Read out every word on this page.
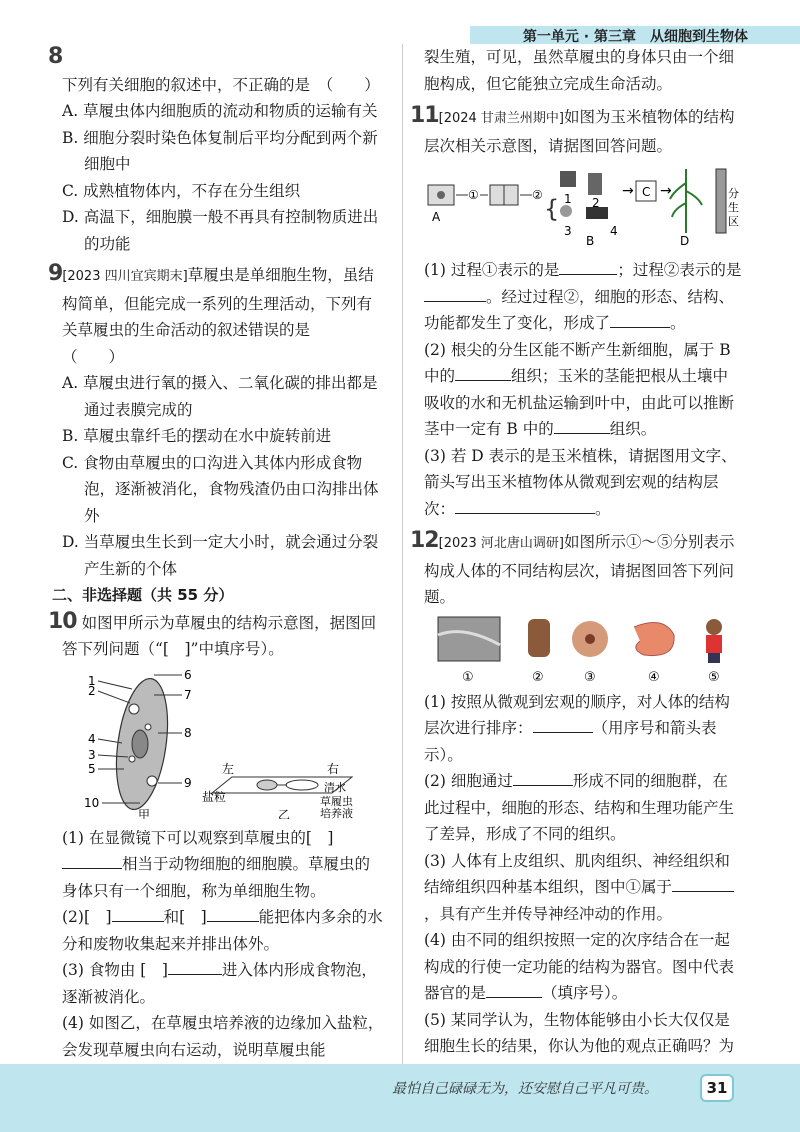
第一单元 · 第三章　从细胞到生物体

8 下列有关细胞的叙述中，不正确的是　（　　）

A. 草履虫体内细胞质的流动和物质的运输有关

B. 细胞分裂时染色体复制后平均分配到两个新细胞中

C. 成熟植物体内，不存在分生组织

D. 高温下，细胞膜一般不再具有控制物质进出的功能

9[2023 四川宜宾期末]草履虫是单细胞生物，虽结构简单，但能完成一系列的生理活动，下列有关草履虫的生命活动的叙述错误的是　　　　（　　）

A. 草履虫进行氧的摄入、二氧化碳的排出都是通过表膜完成的

B. 草履虫靠纤毛的摆动在水中旋转前进

C. 食物由草履虫的口沟进入其体内形成食物泡，逐渐被消化，食物残渣仍由口沟排出体外

D. 当草履虫生长到一定大小时，就会通过分裂产生新的个体

二、非选择题（共 55 分）

10 如图甲所示为草履虫的结构示意图，据图回答下列问题（“[　]”中填序号）。

1
2
4
3
5
10
6
7
8
9
甲
左	右
盐粒
清水
草履虫
培养液
乙

(1) 在显微镜下可以观察到草履虫的[　]相当于动物细胞的细胞膜。草履虫的身体只有一个细胞，称为单细胞生物。

(2)[　]	和[　]	能把体内多余的水分和废物收集起来并排出体外。

(3) 食物由 [　]	进入体内形成食物泡，逐渐被消化。

(4) 如图乙，在草履虫培养液的边缘加入盐粒，会发现草履虫向右运动，说明草履虫能

裂生殖，可见，虽然草履虫的身体只由一个细胞构成，但它能独立完成生命活动。

11[2024 甘肃兰州期中]如图为玉米植物体的结构层次相关示意图，请据图回答问题。

①	② {
→ C →
A
3
2
1
4
B	D
分
生
区

(1) 过程①表示的是	；过程②表示的是。经过过程②，细胞的形态、结构、功能都发生了变化，形成了	。

(2) 根尖的分生区能不断产生新细胞，属于 B 中的	组织；玉米的茎能把根从土壤中吸收的水和无机盐运输到叶中，由此可以推断茎中一定有 B 中的	组织。

(3) 若 D 表示的是玉米植株，请据图用文字、箭头写出玉米植物体从微观到宏观的结构层次：	。

12[2023 河北唐山调研]如图所示①～⑤分别表示构成人体的不同结构层次，请据图回答下列问题。

①	②	③	④	⑤

(1) 按照从微观到宏观的顺序，对人体的结构层次进行排序：	（用序号和箭头表示）。

(2) 细胞通过	形成不同的细胞群，在此过程中，细胞的形态、结构和生理功能产生了差异，形成了不同的组织。

(3) 人体有上皮组织、肌肉组织、神经组织和结缔组织四种基本组织，图中①属于，具有产生并传导神经冲动的作用。

(4) 由不同的组织按照一定的次序结合在一起构成的行使一定功能的结构为器官。图中代表器官的是	（填序号）。

(5) 某同学认为，生物体能够由小长大仅仅是细胞生长的结果，你认为他的观点正确吗？为

最怕自己碌碌无为，还安慰自己平凡可贵。	31
